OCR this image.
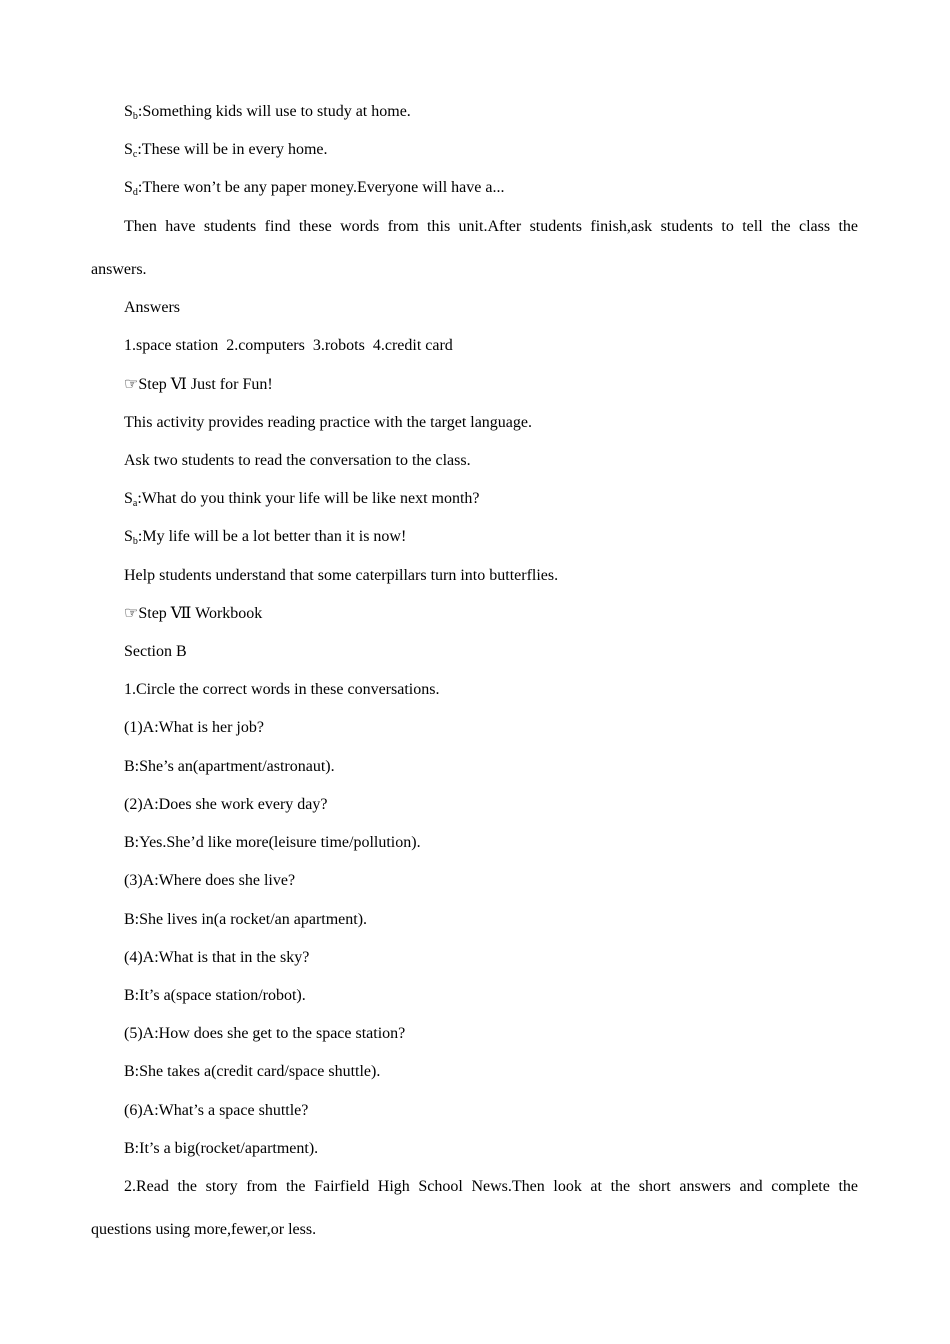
$S_b:Something$ kids will use to study at home.
$S_c:These$ will be in every home.
$S_d:There$ won’t be any paper money.Everyone will have a...
Then have students find these words from this unit.After students finish,ask students to tell the class the
answers.
Answers
1.space station  2.computers  3.robots  4.credit card
☞Step Ⅵ Just for Fun!
This activity provides reading practice with the target language.
Ask two students to read the conversation to the class.
$S_a:What$ do you think your life will be like next month?
$S_b:My$ life will be a lot better than it is now!
Help students understand that some caterpillars turn into butterflies.
☞Step Ⅶ Workbook
Section B
1.Circle the correct words in these conversations.
(1)A:What is her job?
B:She’s an(apartment/astronaut).
(2)A:Does she work every day?
B:Yes.She’d like more(leisure time/pollution).
(3)A:Where does she live?
B:She lives in(a rocket/an apartment).
(4)A:What is that in the sky?
B:It’s a(space station/robot).
(5)A:How does she get to the space station?
B:She takes a(credit card/space shuttle).
(6)A:What’s a space shuttle?
B:It’s a big(rocket/apartment).
2.Read the story from the Fairfield High School News.Then look at the short answers and complete the
questions using more,fewer,or less.
